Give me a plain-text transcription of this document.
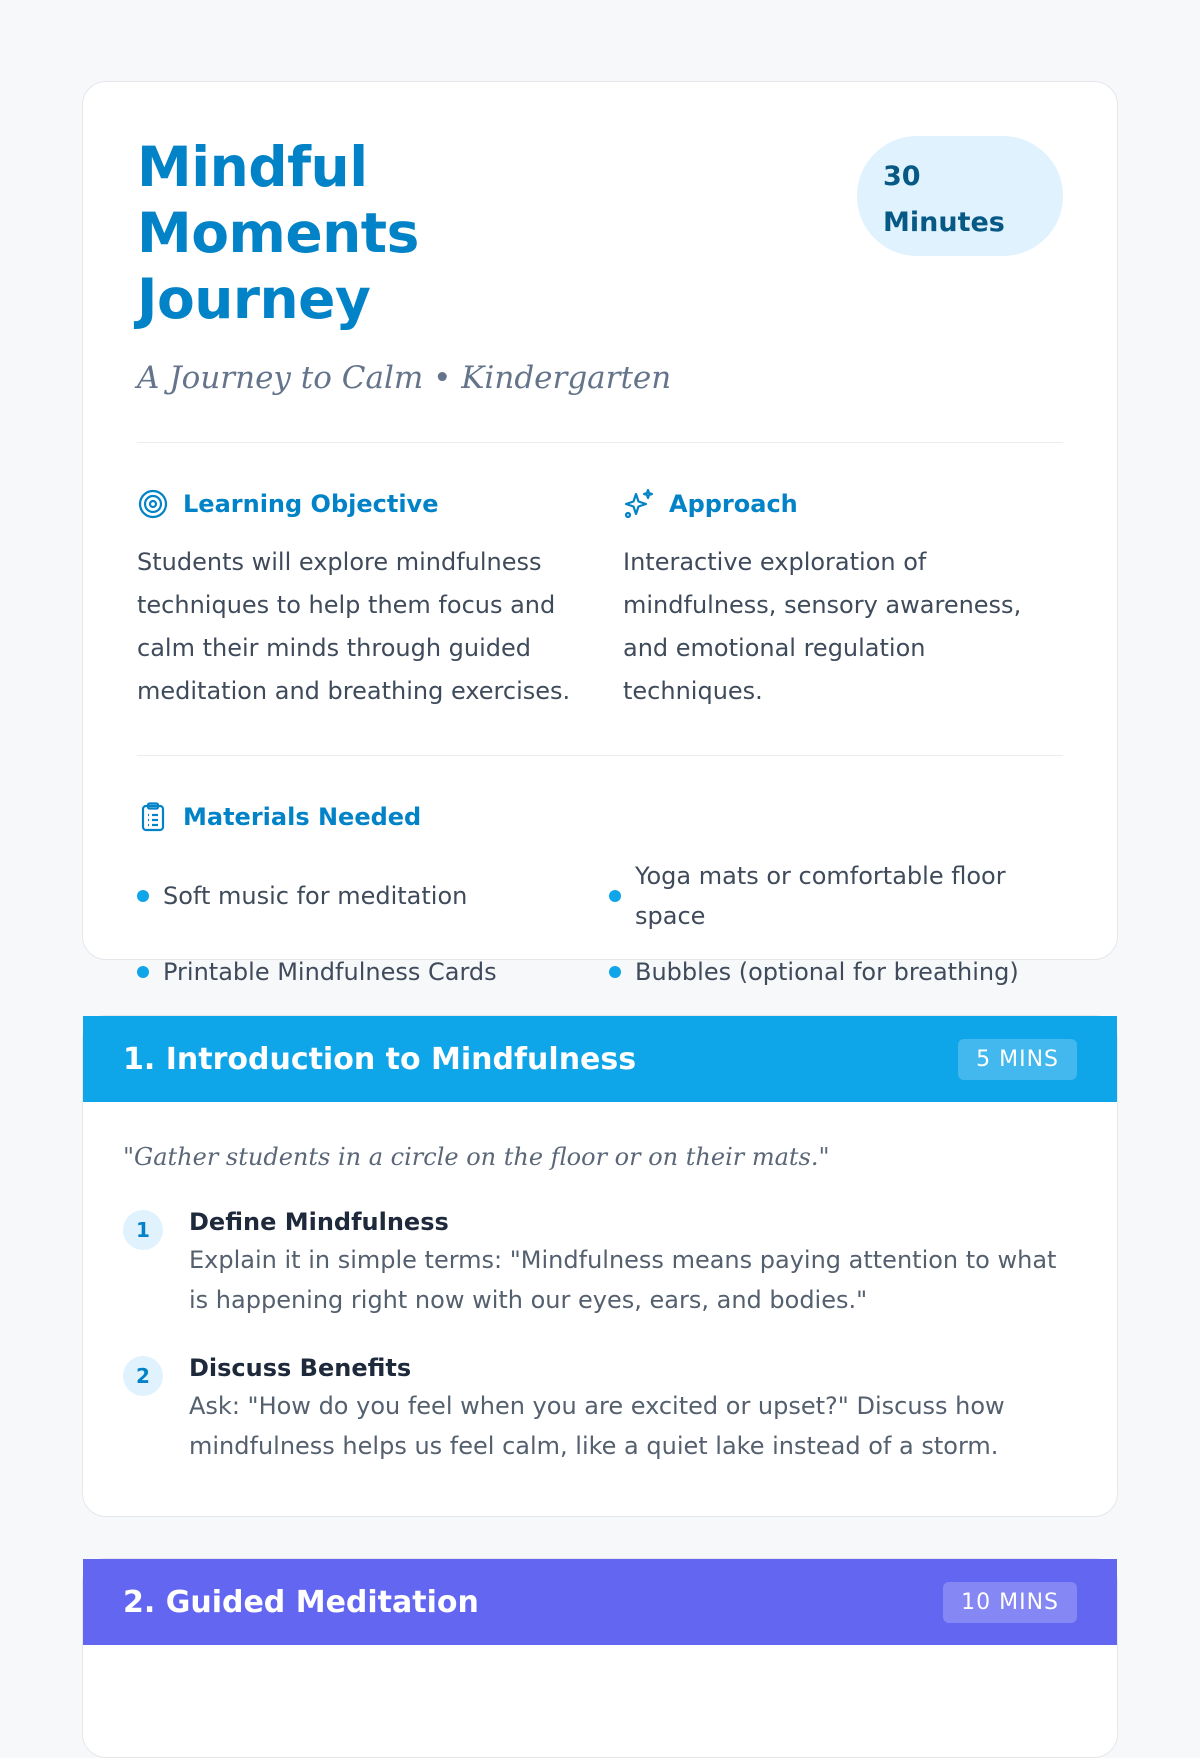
Mindful Moments Journey
30
Minutes
A Journey to Calm • Kindergarten
Learning Objective
Students will explore mindfulness techniques to help them focus and calm their minds through guided meditation and breathing exercises.
Approach
Interactive exploration of mindfulness, sensory awareness, and emotional regulation techniques.
Materials Needed
Soft music for meditation
Yoga mats or comfortable floor space
Printable Mindfulness Cards	Bubbles (optional for breathing)
1. Introduction to Mindfulness	5 MINS
"Gather students in a circle on the floor or on their mats."
1	Define Mindfulness
Explain it in simple terms: "Mindfulness means paying attention to what is happening right now with our eyes, ears, and bodies."
2	Discuss Benefits
Ask: "How do you feel when you are excited or upset?" Discuss how mindfulness helps us feel calm, like a quiet lake instead of a storm.
2. Guided Meditation	10 MINS
